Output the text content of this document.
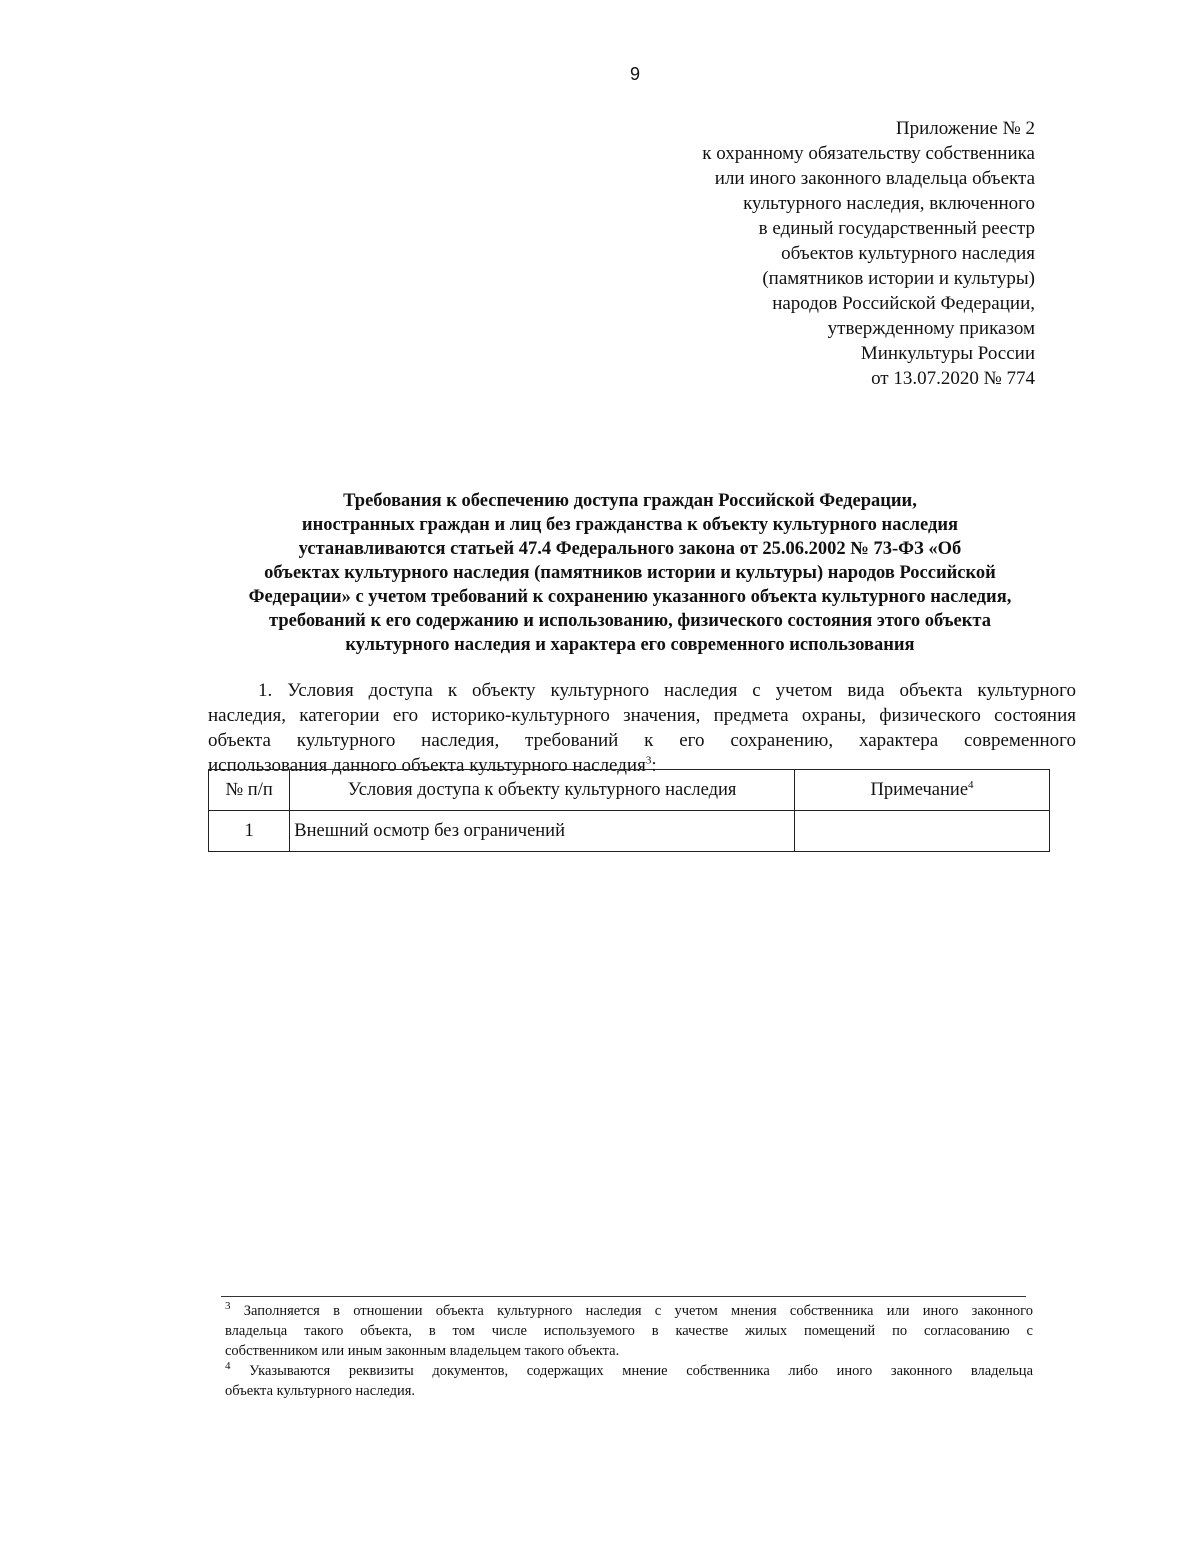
9
Приложение № 2
к охранному обязательству собственника
или иного законного владельца объекта
культурного наследия, включенного
в единый государственный реестр
объектов культурного наследия
(памятников истории и культуры)
народов Российской Федерации,
утвержденному приказом
Минкультуры России
от 13.07.2020 № 774
Требования к обеспечению доступа граждан Российской Федерации,
иностранных граждан и лиц без гражданства к объекту культурного наследия
устанавливаются статьей 47.4 Федерального закона от 25.06.2002 № 73-ФЗ «Об
объектах культурного наследия (памятников истории и культуры) народов Российской
Федерации» с учетом требований к сохранению указанного объекта культурного наследия,
требований к его содержанию и использованию, физического состояния этого объекта
культурного наследия и характера его современного использования
1. Условия доступа к объекту культурного наследия с учетом вида объекта культурного
наследия, категории его историко-культурного значения, предмета охраны, физического состояния
объекта культурного наследия, требований к его сохранению, характера современного
использования данного объекта культурного наследия$^3$:
№ п/п	Условия доступа к объекту культурного наследия	Примечание$^4$
1	Внешний осмотр без ограничений	
$^3$ Заполняется в отношении объекта культурного наследия с учетом мнения собственника или иного законного
владельца такого объекта, в том числе используемого в качестве жилых помещений по согласованию с
собственником или иным законным владельцем такого объекта.
$^4$ Указываются реквизиты документов, содержащих мнение собственника либо иного законного владельца
объекта культурного наследия.
